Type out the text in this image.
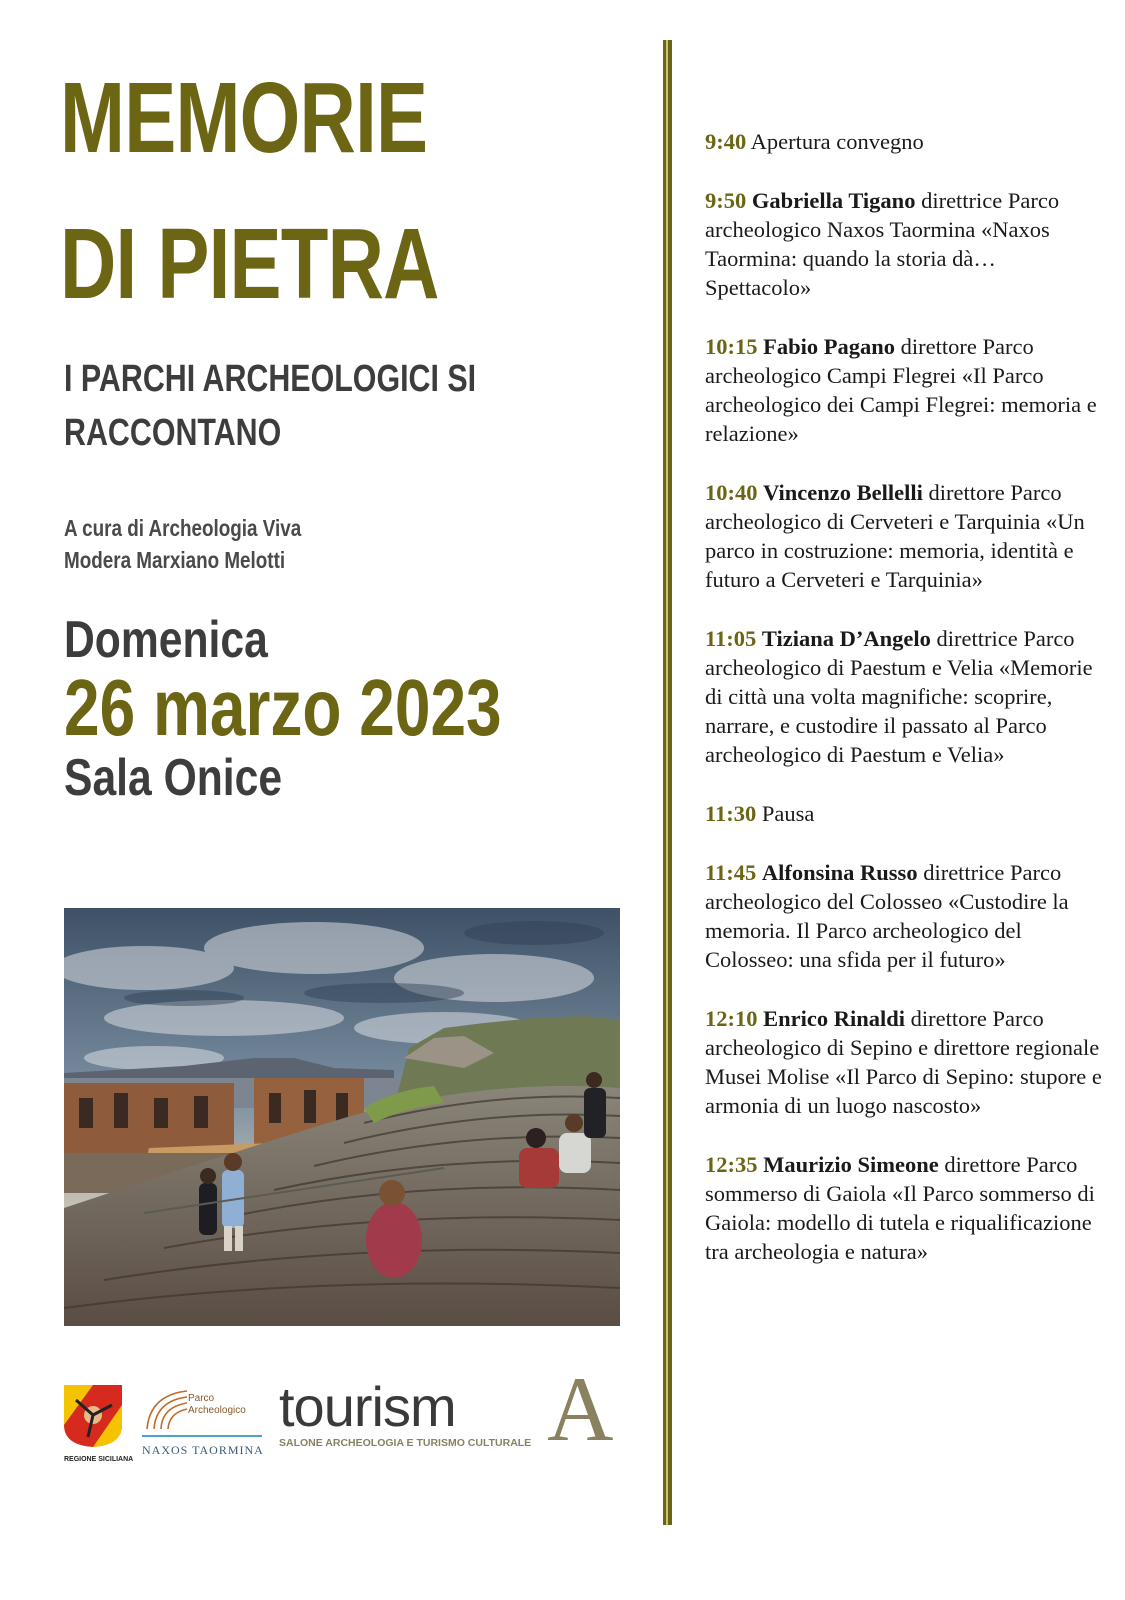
MEMORIE
DI PIETRA
I PARCHI ARCHEOLOGICI SI
RACCONTANO
A cura di Archeologia Viva
Modera Marxiano Melotti
Domenica
26 marzo 2023
Sala Onice
REGIONE SICILIANA
Parco
Archeologico
NAXOS TAORMINA
tourism A
SALONE ARCHEOLOGIA E TURISMO CULTURALE
9:40 Apertura convegno
9:50 Gabriella Tigano direttrice Parco archeologico Naxos Taormina «Naxos Taormina: quando la storia dà… Spettacolo»
10:15 Fabio Pagano direttore Parco archeologico Campi Flegrei «Il Parco archeologico dei Campi Flegrei: memoria e relazione»
10:40 Vincenzo Bellelli direttore Parco archeologico di Cerveteri e Tarquinia «Un parco in costruzione: memoria, identità e futuro a Cerveteri e Tarquinia»
11:05 Tiziana D’Angelo direttrice Parco archeologico di Paestum e Velia «Memorie di città una volta magnifiche: scoprire, narrare, e custodire il passato al Parco archeologico di Paestum e Velia»
11:30 Pausa
11:45 Alfonsina Russo direttrice Parco archeologico del Colosseo «Custodire la memoria. Il Parco archeologico del Colosseo: una sfida per il futuro»
12:10 Enrico Rinaldi direttore Parco archeologico di Sepino e direttore regionale Musei Molise «Il Parco di Sepino: stupore e armonia di un luogo nascosto»
12:35 Maurizio Simeone direttore Parco sommerso di Gaiola «Il Parco sommerso di Gaiola: modello di tutela e riqualificazione tra archeologia e natura»
